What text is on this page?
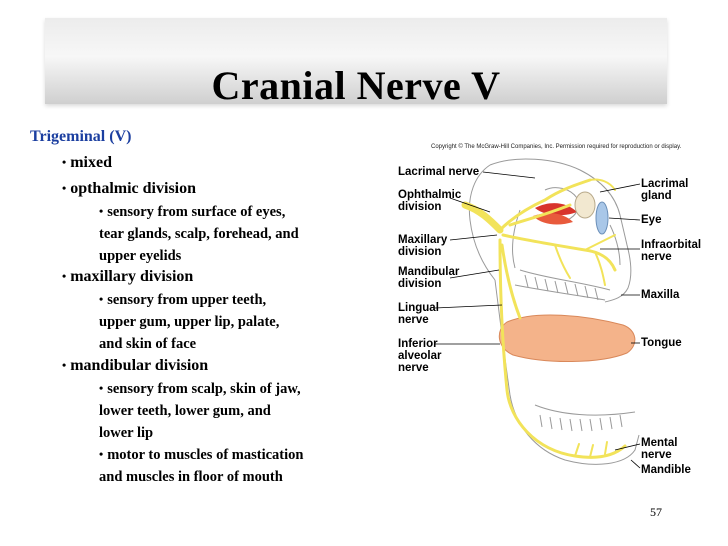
Cranial Nerve V
Trigeminal (V)
• mixed
• opthalmic division
• sensory from surface of eyes,
tear glands, scalp, forehead, and
upper eyelids
• maxillary division
• sensory from upper teeth,
upper gum, upper lip, palate,
and skin of face
• mandibular division
• sensory from scalp, skin of jaw,
lower teeth, lower gum, and
lower lip
• motor to muscles of mastication
and muscles in floor of mouth
Copyright © The McGraw-Hill Companies, Inc. Permission required for reproduction or display.
Lacrimal nerve
Ophthalmic
division
Maxillary
division
Mandibular
division
Lingual
nerve
Inferior
alveolar
nerve
Lacrimal
gland
Eye
Infraorbital
nerve
Maxilla
Tongue
Mental
nerve
Mandible
57
